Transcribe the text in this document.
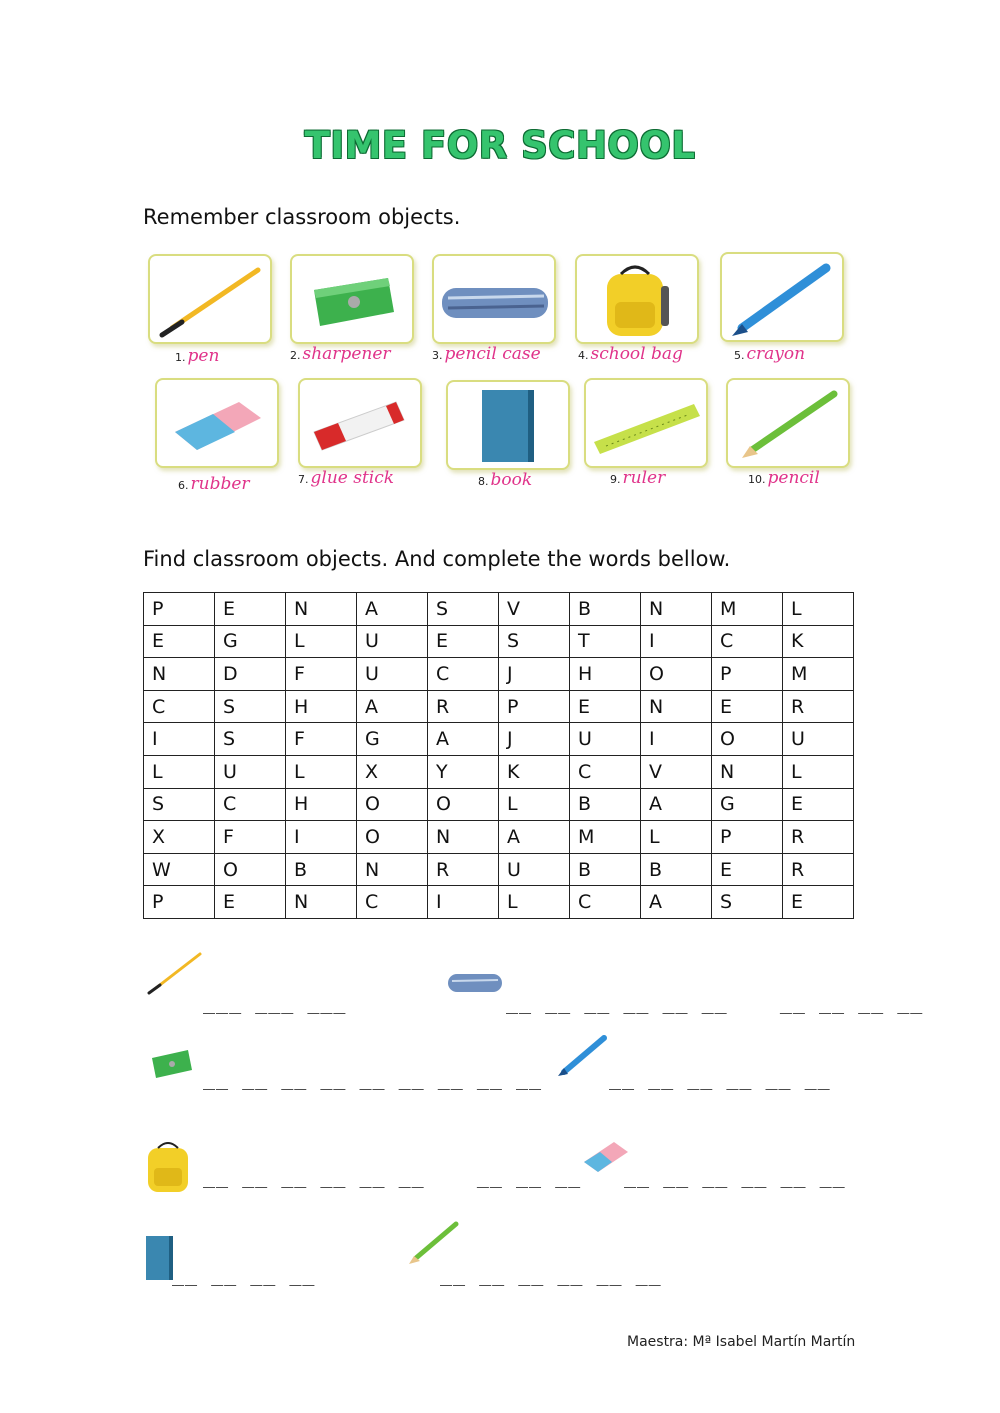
TIME FOR SCHOOL
Remember classroom objects.
1. pen	2. sharpener	3. pencil case	4. school bag	5. crayon
6. rubber	7. glue stick	8. book	9. ruler	10. pencil
Find classroom objects. And complete the words bellow.
P	E	N	A	S	V	B	N	M	L
E	G	L	U	E	S	T	I	C	K
N	D	F	U	C	J	H	O	P	M
C	S	H	A	R	P	E	N	E	R
I	S	F	G	A	J	U	I	O	U
L	U	L	X	Y	K	C	V	N	L
S	C	H	O	O	L	B	A	G	E
X	F	I	O	N	A	M	L	P	R
W	O	B	N	R	U	B	B	E	R
P	E	N	C	I	L	C	A	S	E
___ ___ ___	__ __ __ __ __ __    __ __ __ __
__ __ __ __ __ __ __ __ __	__ __ __ __ __ __
__ __ __ __ __ __    __ __ __ __ __ __ __ __ __
__ __ __ __	__ __ __ __ __ __
Maestra: Mª Isabel Martín Martín
